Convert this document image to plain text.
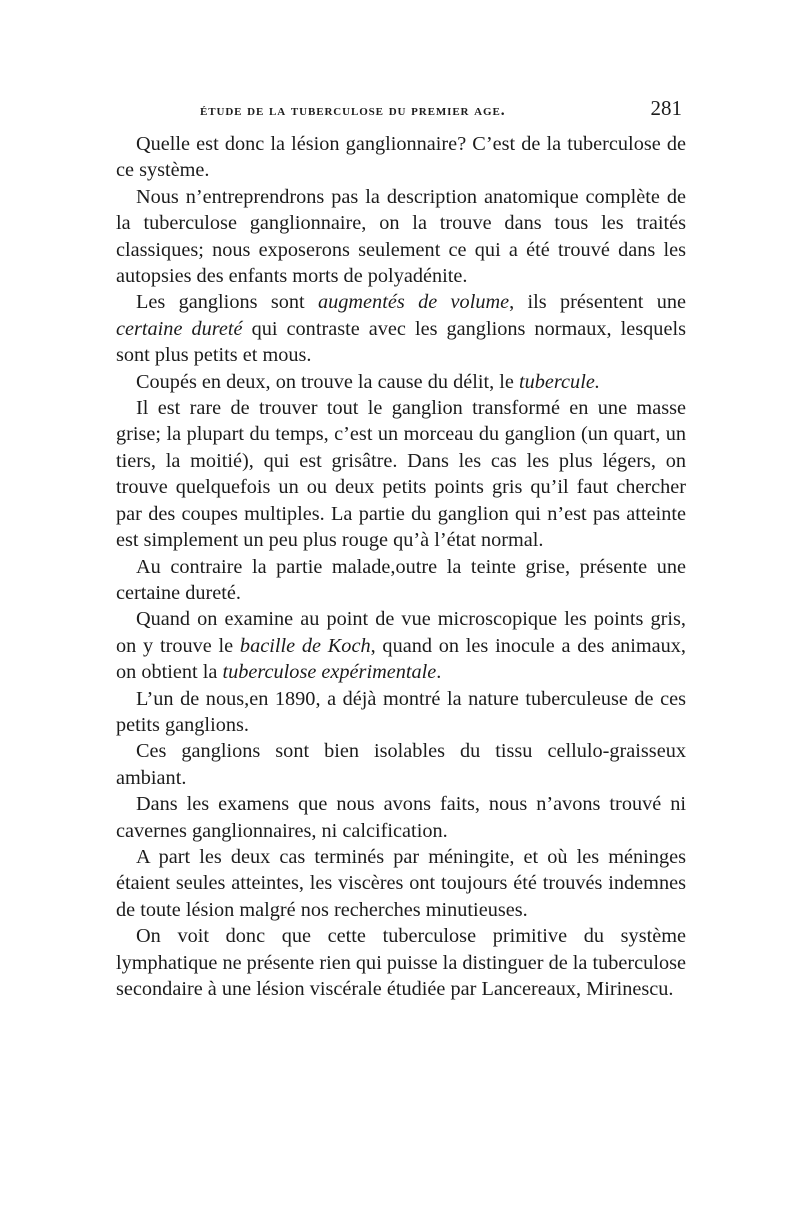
étude de la tuberculose du premier age.	281

Quelle est donc la lésion ganglionnaire? C’est de la tuberculose de ce système.

Nous n’entreprendrons pas la description anatomique complète de la tuberculose ganglionnaire, on la trouve dans tous les traités classiques; nous exposerons seulement ce qui a été trouvé dans les autopsies des enfants morts de polyadénite.

Les ganglions sont augmentés de volume, ils présentent une certaine dureté qui contraste avec les ganglions normaux, lesquels sont plus petits et mous.

Coupés en deux, on trouve la cause du délit, le tubercule.

Il est rare de trouver tout le ganglion transformé en une masse grise; la plupart du temps, c’est un morceau du ganglion (un quart, un tiers, la moitié), qui est grisâtre. Dans les cas les plus légers, on trouve quelquefois un ou deux petits points gris qu’il faut chercher par des coupes multiples. La partie du ganglion qui n’est pas atteinte est simplement un peu plus rouge qu’à l’état normal.

Au contraire la partie malade,outre la teinte grise, présente une certaine dureté.

Quand on examine au point de vue microscopique les points gris, on y trouve le bacille de Koch, quand on les inocule a des animaux, on obtient la tuberculose expérimentale.

L’un de nous,en 1890, a déjà montré la nature tuberculeuse de ces petits ganglions.

Ces ganglions sont bien isolables du tissu cellulo-graisseux ambiant.

Dans les examens que nous avons faits, nous n’avons trouvé ni cavernes ganglionnaires, ni calcification.

A part les deux cas terminés par méningite, et où les méninges étaient seules atteintes, les viscères ont toujours été trouvés indemnes de toute lésion malgré nos recherches minutieuses.

On voit donc que cette tuberculose primitive du système lymphatique ne présente rien qui puisse la distinguer de la tuberculose secondaire à une lésion viscérale étudiée par Lancereaux, Mirinescu.
